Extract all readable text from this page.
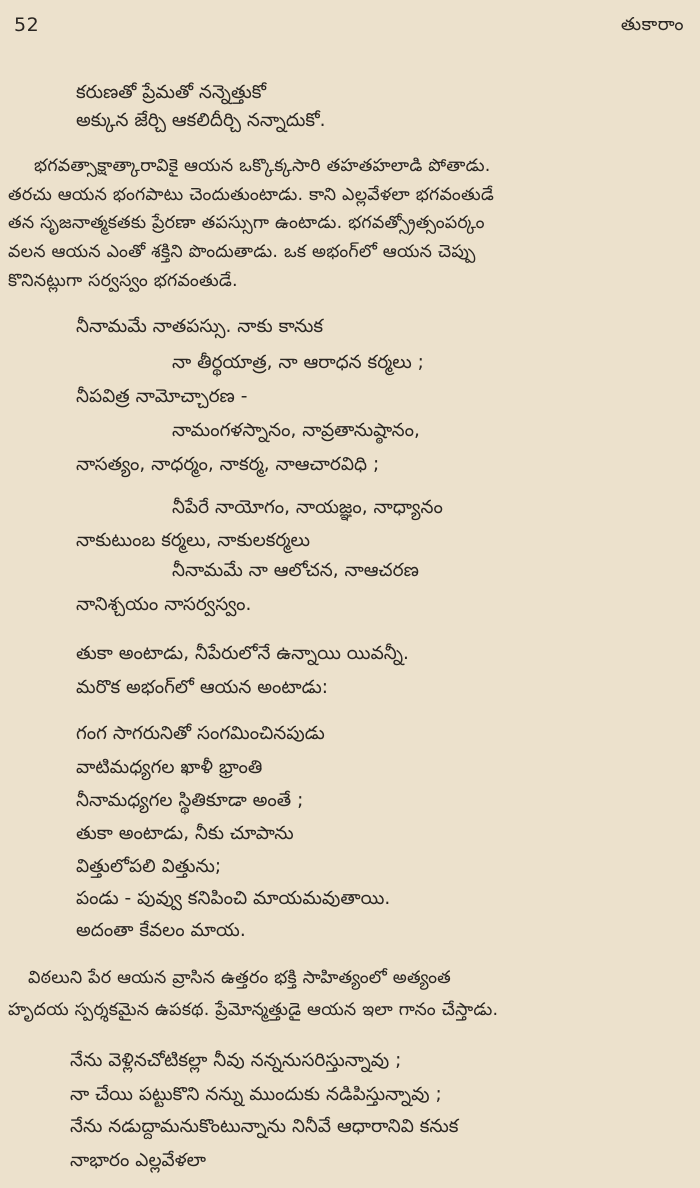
52	తుకారాం
కరుణతో ప్రేమతో నన్నెత్తుకో
అక్కున జేర్చి ఆకలిదీర్చి నన్నాదుకో.
భగవత్సాక్షాత్కారావికై ఆయన ఒక్కొక్కసారి తహతహలాడి పోతాడు.
తరచు ఆయన భంగపాటు చెందుతుంటాడు. కాని ఎల్లవేళలా భగవంతుడే
తన సృజనాత్మకతకు ప్రేరణా తపస్సుగా ఉంటాడు. భగవత్స్రోత్సంపర్కం
వలన ఆయన ఎంతో శక్తిని పొందుతాడు. ఒక అభంగ్‌లో ఆయన చెప్పు
కొనినట్లుగా సర్వస్వం భగవంతుడే.
నీనామమే నాతపస్సు. నాకు కానుక
నా తీర్థయాత్ర, నా ఆరాధన కర్మలు ;
నీపవిత్ర నామోచ్చారణ -
నామంగళస్నానం, నావ్రతానుష్ఠానం,
నాసత్యం, నాధర్మం, నాకర్మ, నాఆచారవిధి ;
నీపేరే నాయోగం, నాయజ్ఞం, నాధ్యానం
నాకుటుంబ కర్మలు, నాకులకర్మలు
నీనామమే నా ఆలోచన, నాఆచరణ
నానిశ్చయం నాసర్వస్వం.
తుకా అంటాడు, నీపేరులోనే ఉన్నాయి యివన్నీ.
మరొక అభంగ్‌లో ఆయన అంటాడు:
గంగ సాగరునితో సంగమించినపుడు
వాటిమధ్యగల ఖాళీ భ్రాంతి
నీనామధ్యగల స్థితికూడా అంతే ;
తుకా అంటాడు, నీకు చూపాను
విత్తులోపలి విత్తును;
పండు - పువ్వు కనిపించి మాయమవుతాయి.
అదంతా కేవలం మాయ.
విఠలుని పేర ఆయన వ్రాసిన ఉత్తరం భక్తి సాహిత్యంలో అత్యంత
హృదయ స్పర్శకమైన ఉపకథ. ప్రేమోన్మత్తుడై ఆయన ఇలా గానం చేస్తాడు.
నేను వెళ్లినచోటికల్లా నీవు నన్ననుసరిస్తున్నావు ;
నా చేయి పట్టుకొని నన్ను ముందుకు నడిపిస్తున్నావు ;
నేను నడుద్దామనుకొంటున్నాను నినీవే ఆధారానివి కనుక
నాభారం ఎల్లవేళలా
